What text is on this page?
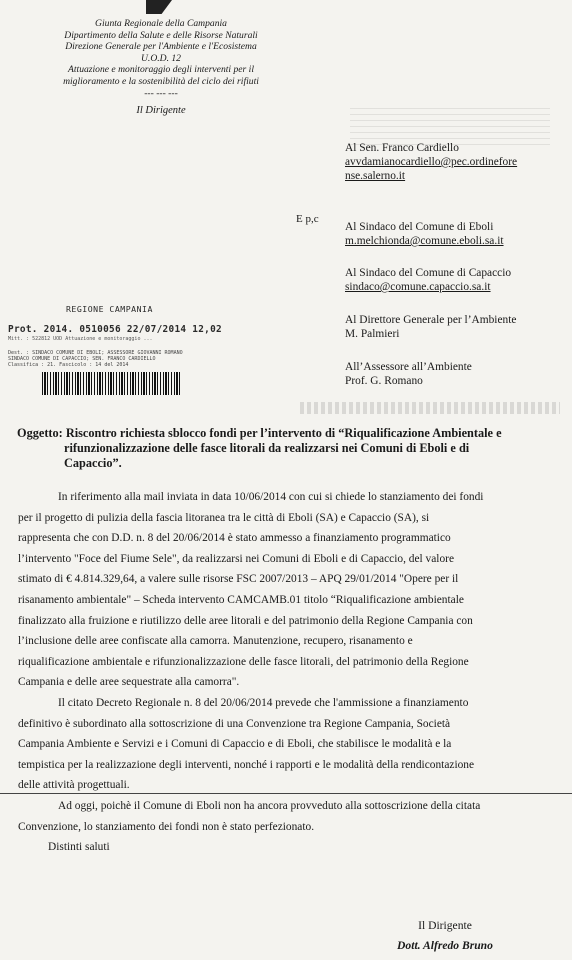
Giunta Regionale della Campania
Dipartimento della Salute e delle Risorse Naturali
Direzione Generale per l'Ambiente e l'Ecosistema
U.O.D. 12
Attuazione e monitoraggio degli interventi per il
miglioramento e la sostenibilità del ciclo dei rifiuti
--- --- ---
Il Dirigente
Al Sen. Franco Cardiello
avvdamianocardiello@pec.ordinefore
nse.salerno.it
E p,c
Al Sindaco del Comune di Eboli
m.melchionda@comune.eboli.sa.it
Al Sindaco del Comune di Capaccio
sindaco@comune.capaccio.sa.it
Al Direttore Generale per l’Ambiente
M. Palmieri
All’Assessore all’Ambiente
Prof. G. Romano
REGIONE CAMPANIA
Prot. 2014. 0510056 22/07/2014 12,02
Mitt. : 522812 UOD Attuazione e monitoraggio ...
Dest. : SINDACO COMUNE DI EBOLI; ASSESSORE GIOVANNI ROMANO
SINDACO COMUNE DI CAPACCIO; SEN. FRANCO CARDIELLO
Classifica : 21. Fascicolo : 14 del 2014
Oggetto: Riscontro richiesta sblocco fondi per l’intervento di “Riqualificazione Ambientale e
rifunzionalizzazione delle fasce litorali da realizzarsi nei Comuni di Eboli e di
Capaccio”.
In riferimento alla mail inviata in data 10/06/2014 con cui si chiede lo stanziamento dei fondi
per il progetto di pulizia della fascia litoranea tra le città di Eboli (SA) e Capaccio (SA), si
rappresenta che con D.D. n. 8 del 20/06/2014 è stato ammesso a finanziamento programmatico
l’intervento "Foce del Fiume Sele", da realizzarsi nei Comuni di Eboli e di Capaccio, del valore
stimato di € 4.814.329,64, a valere sulle risorse FSC 2007/2013 – APQ 29/01/2014 "Opere per il
risanamento ambientale" – Scheda intervento CAMCAMB.01 titolo “Riqualificazione ambientale
finalizzato alla fruizione e riutilizzo delle aree litorali e del patrimonio della Regione Campania con
l’inclusione delle aree confiscate alla camorra. Manutenzione, recupero, risanamento e
riqualificazione ambientale e rifunzionalizzazione delle fasce litorali, del patrimonio della Regione
Campania e delle aree sequestrate alla camorra".
Il citato Decreto Regionale n. 8 del 20/06/2014 prevede che l'ammissione a finanziamento
definitivo è subordinato alla sottoscrizione di una Convenzione tra Regione Campania, Società
Campania Ambiente e Servizi e i Comuni di Capaccio e di Eboli, che stabilisce le modalità e la
tempistica per la realizzazione degli interventi, nonché i rapporti e le modalità della rendicontazione
delle attività progettuali.
Ad oggi, poichè il Comune di Eboli non ha ancora provveduto alla sottoscrizione della citata
Convenzione, lo stanziamento dei fondi non è stato perfezionato.
Distinti saluti
Il Dirigente
Dott. Alfredo Bruno
